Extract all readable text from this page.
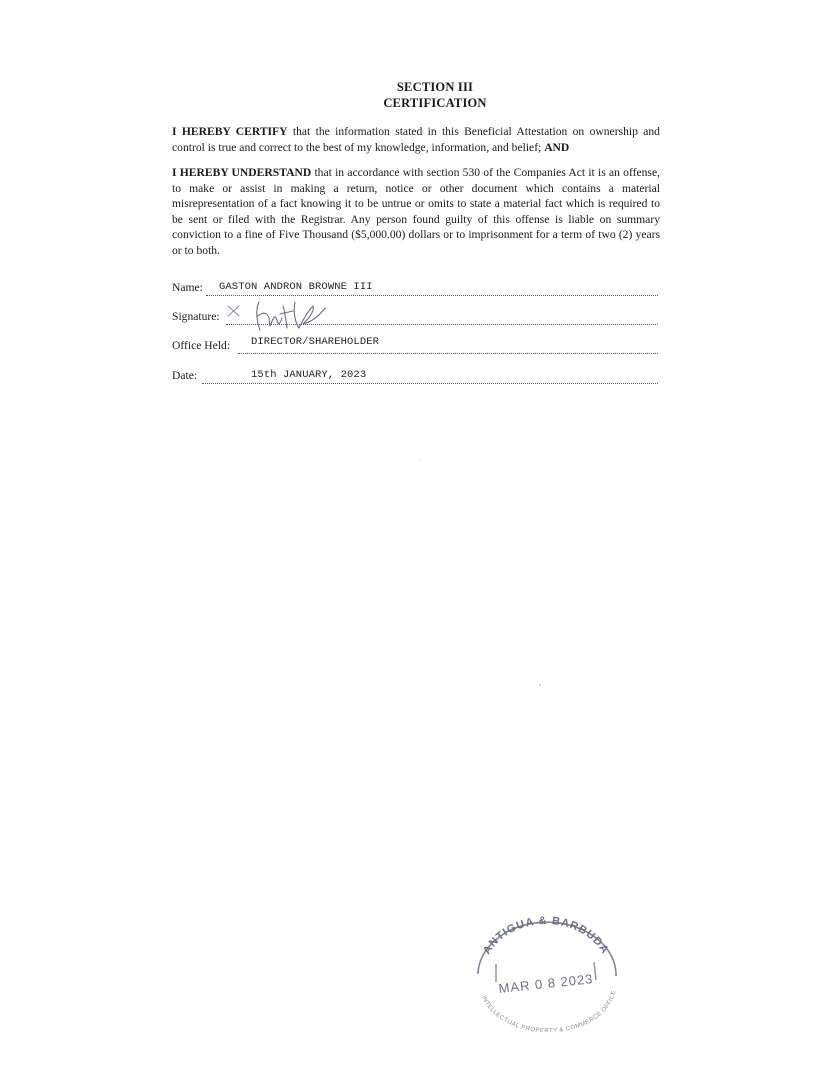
SECTION III
CERTIFICATION
I HEREBY CERTIFY that the information stated in this Beneficial Attestation on ownership and control is true and correct to the best of my knowledge, information, and belief; AND
I HEREBY UNDERSTAND that in accordance with section 530 of the Companies Act it is an offense, to make or assist in making a return, notice or other document which contains a material misrepresentation of a fact knowing it to be untrue or omits to state a material fact which is required to be sent or filed with the Registrar. Any person found guilty of this offense is liable on summary conviction to a fine of Five Thousand ($5,000.00) dollars or to imprisonment for a term of two (2) years or to both.
Name: GASTON ANDRON BROWNE III
Signature:
Office Held: DIRECTOR/SHAREHOLDER
Date:	15th JANUARY, 2023
ANTIGUA & BARBUDA
MAR 0 8 2023
INTELLECTUAL PROPERTY & COMMERCE OFFICE
